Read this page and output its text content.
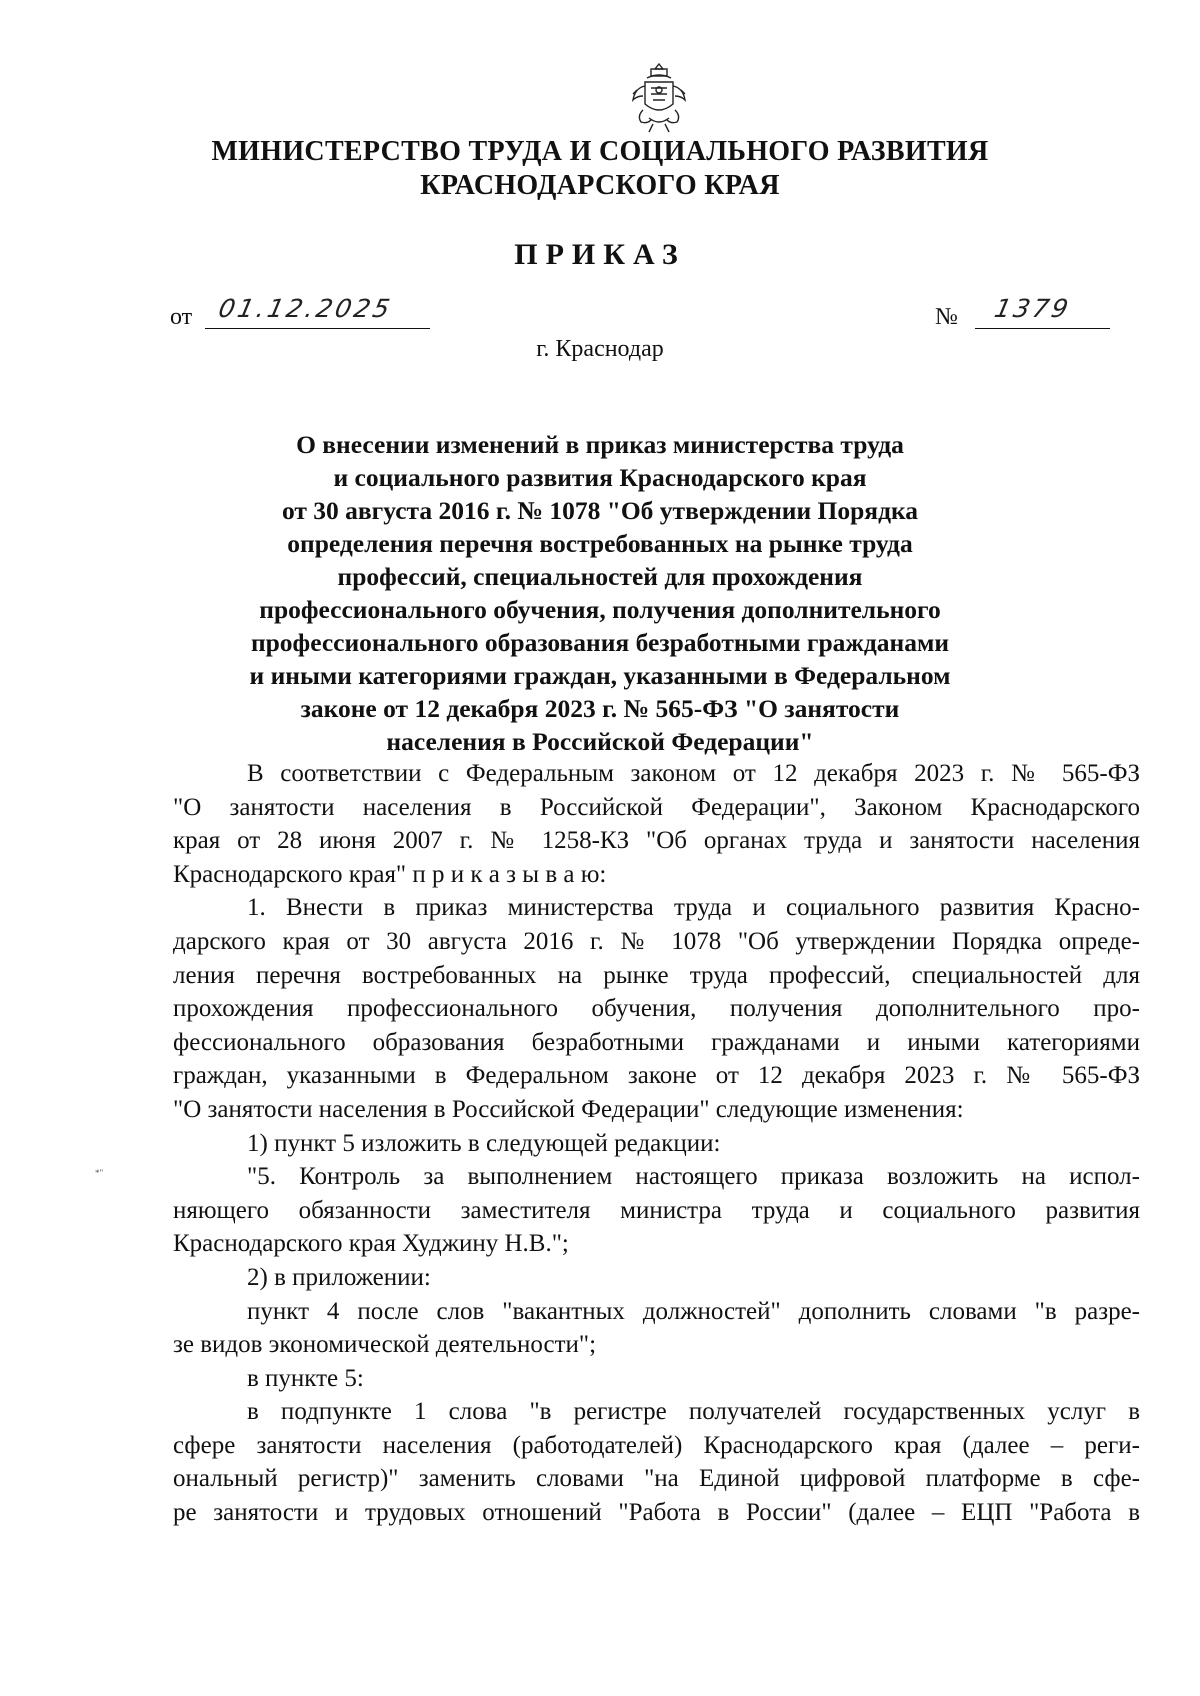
МИНИСТЕРСТВО ТРУДА И СОЦИАЛЬНОГО РАЗВИТИЯ
КРАСНОДАРСКОГО КРАЯ
ПРИКАЗ
от 01.12.2025	№ 1379
г. Краснодар
О внесении изменений в приказ министерства труда
и социального развития Краснодарского края
от 30 августа 2016 г. № 1078 "Об утверждении Порядка
определения перечня востребованных на рынке труда
профессий, специальностей для прохождения
профессионального обучения, получения дополнительного
профессионального образования безработными гражданами
и иными категориями граждан, указанными в Федеральном
законе от 12 декабря 2023 г. № 565-ФЗ "О занятости
населения в Российской Федерации"
В соответствии с Федеральным законом от 12 декабря 2023 г. № 565-ФЗ
"О занятости населения в Российской Федерации", Законом Краснодарского
края от 28 июня 2007 г. № 1258-КЗ "Об органах труда и занятости населения
Краснодарского края" п р и к а з ы в а ю:
1. Внести в приказ министерства труда и социального развития Красно-
дарского края от 30 августа 2016 г. № 1078 "Об утверждении Порядка опреде-
ления перечня востребованных на рынке труда профессий, специальностей для
прохождения профессионального обучения, получения дополнительного про-
фессионального образования безработными гражданами и иными категориями
граждан, указанными в Федеральном законе от 12 декабря 2023 г. № 565-ФЗ
"О занятости населения в Российской Федерации" следующие изменения:
1) пункт 5 изложить в следующей редакции:
"5. Контроль за выполнением настоящего приказа возложить на испол-
няющего обязанности заместителя министра труда и социального развития
Краснодарского края Худжину Н.В.";
2) в приложении:
пункт 4 после слов "вакантных должностей" дополнить словами "в разре-
зе видов экономической деятельности";
в пункте 5:
в подпункте 1 слова "в регистре получателей государственных услуг в
сфере занятости населения (работодателей) Краснодарского края (далее – реги-
ональный регистр)" заменить словами "на Единой цифровой платформе в сфе-
ре занятости и трудовых отношений "Работа в России" (далее – ЕЦП "Работа в
*"
